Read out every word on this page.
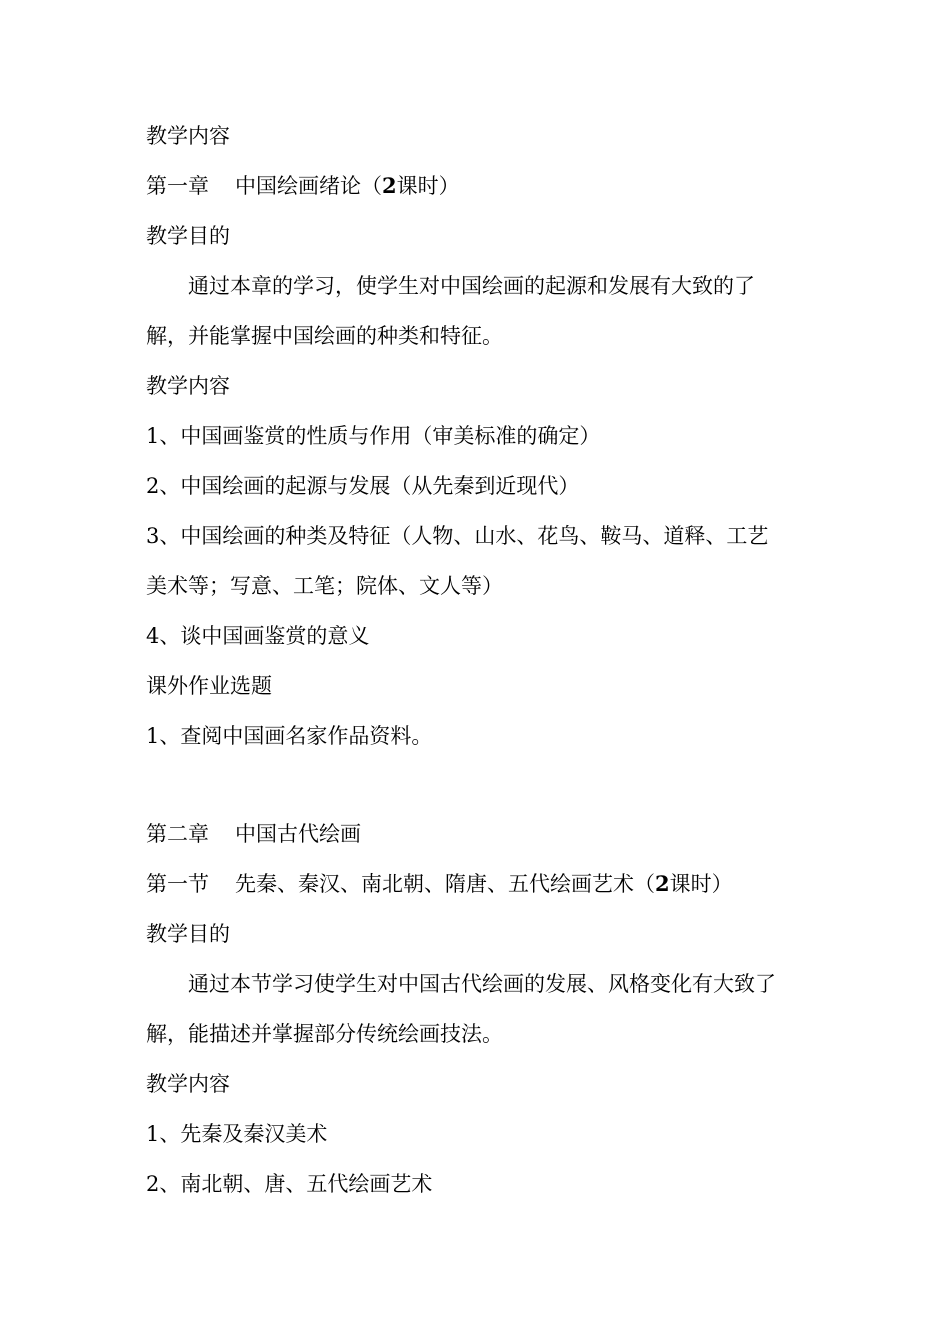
教学内容
第一章 中国绘画绪论（2课时）
教学目的
通过本章的学习，使学生对中国绘画的起源和发展有大致的了
解，并能掌握中国绘画的种类和特征。
教学内容
1、中国画鉴赏的性质与作用（审美标准的确定）
2、中国绘画的起源与发展（从先秦到近现代）
3、中国绘画的种类及特征（人物、山水、花鸟、鞍马、道释、工艺
美术等；写意、工笔；院体、文人等）
4、谈中国画鉴赏的意义
课外作业选题
1、查阅中国画名家作品资料。
第二章 中国古代绘画
第一节 先秦、秦汉、南北朝、隋唐、五代绘画艺术（2课时）
教学目的
通过本节学习使学生对中国古代绘画的发展、风格变化有大致了
解，能描述并掌握部分传统绘画技法。
教学内容
1、先秦及秦汉美术
2、南北朝、唐、五代绘画艺术
